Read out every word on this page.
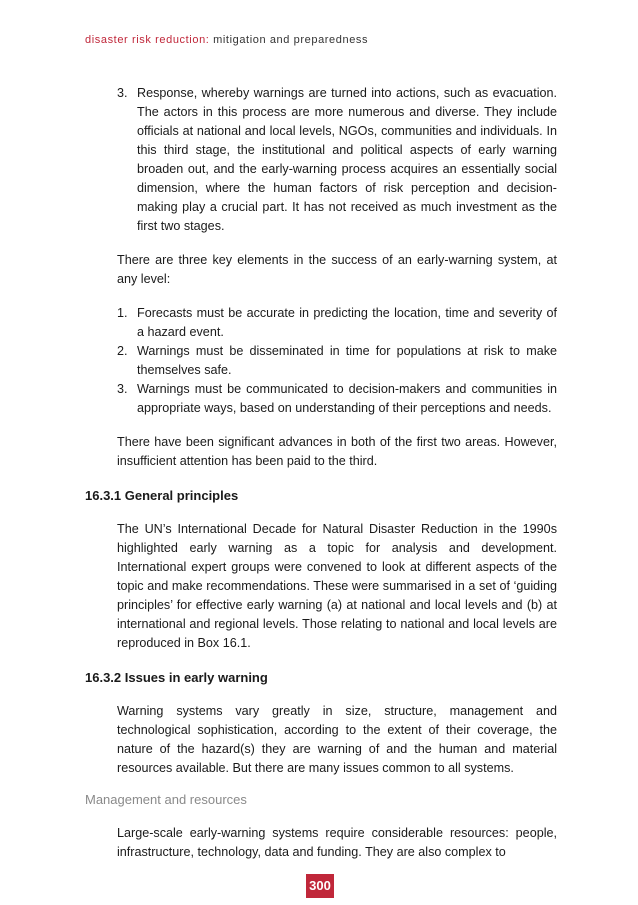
disaster risk reduction: mitigation and preparedness
3. Response, whereby warnings are turned into actions, such as evacuation. The actors in this process are more numerous and diverse. They include officials at national and local levels, NGOs, communities and individuals. In this third stage, the institutional and political aspects of early warning broaden out, and the early-warning process acquires an essentially social dimension, where the human factors of risk perception and decision-making play a crucial part. It has not received as much investment as the first two stages.

There are three key elements in the success of an early-warning system, at any level:

1. Forecasts must be accurate in predicting the location, time and severity of a hazard event.
2. Warnings must be disseminated in time for populations at risk to make themselves safe.
3. Warnings must be communicated to decision-makers and communities in appropriate ways, based on understanding of their perceptions and needs.

There have been significant advances in both of the first two areas. However, insufficient attention has been paid to the third.

16.3.1 General principles

The UN’s International Decade for Natural Disaster Reduction in the 1990s highlighted early warning as a topic for analysis and development. International expert groups were convened to look at different aspects of the topic and make recommendations. These were summarised in a set of ‘guiding principles’ for effective early warning (a) at national and local levels and (b) at international and regional levels. Those relating to national and local levels are reproduced in Box 16.1.

16.3.2 Issues in early warning

Warning systems vary greatly in size, structure, management and technological sophistication, according to the extent of their coverage, the nature of the hazard(s) they are warning of and the human and material resources available. But there are many issues common to all systems.

Management and resources

Large-scale early-warning systems require considerable resources: people, infrastructure, technology, data and funding. They are also complex to

300
